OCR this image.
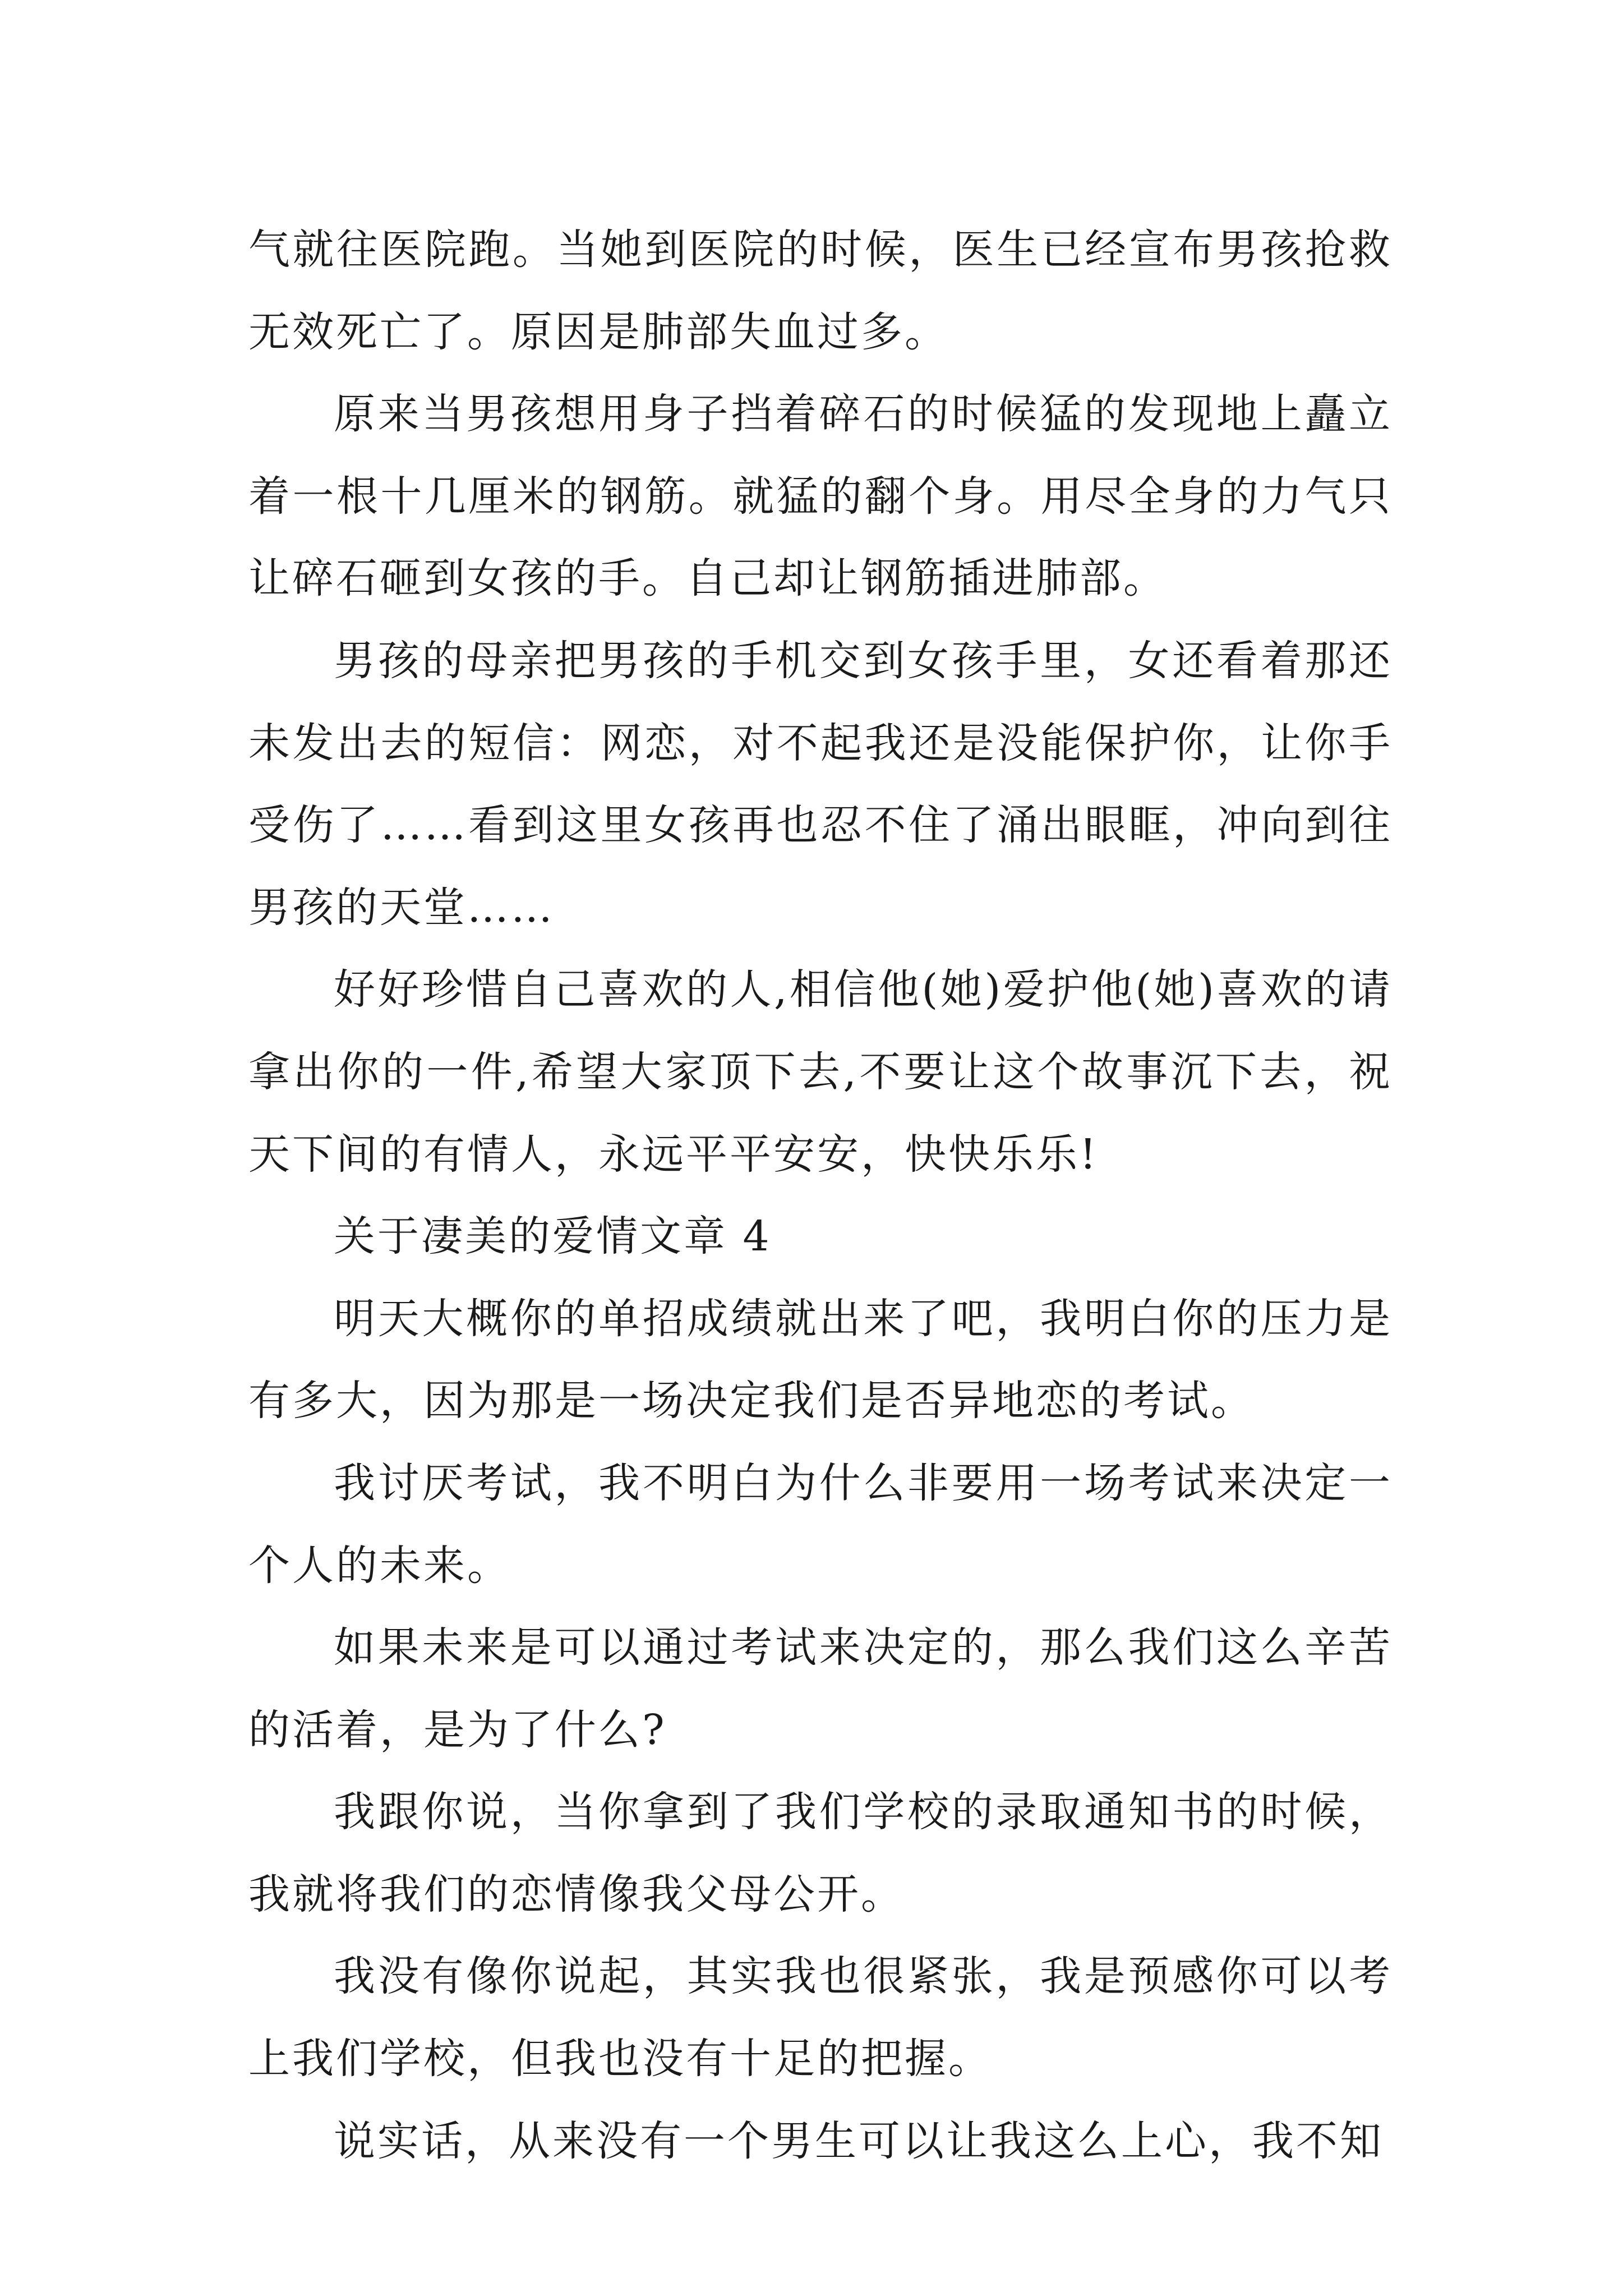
气就往医院跑。当她到医院的时候，医生已经宣布男孩抢救无效死亡了。原因是肺部失血过多。

原来当男孩想用身子挡着碎石的时候猛的发现地上矗立着一根十几厘米的钢筋。就猛的翻个身。用尽全身的力气只让碎石砸到女孩的手。自己却让钢筋插进肺部。

男孩的母亲把男孩的手机交到女孩手里，女还看着那还未发出去的短信：网恋，对不起我还是没能保护你，让你手受伤了……看到这里女孩再也忍不住了涌出眼眶，冲向到往男孩的天堂……

好好珍惜自己喜欢的人,相信他(她)爱护他(她)喜欢的请拿出你的一件,希望大家顶下去,不要让这个故事沉下去，祝天下间的有情人，永远平平安安，快快乐乐!

关于凄美的爱情文章 4

明天大概你的单招成绩就出来了吧，我明白你的压力是有多大，因为那是一场决定我们是否异地恋的考试。

我讨厌考试，我不明白为什么非要用一场考试来决定一个人的未来。

如果未来是可以通过考试来决定的，那么我们这么辛苦的活着，是为了什么?

我跟你说，当你拿到了我们学校的录取通知书的时候，我就将我们的恋情像我父母公开。

我没有像你说起，其实我也很紧张，我是预感你可以考上我们学校，但我也没有十足的把握。

说实话，从来没有一个男生可以让我这么上心，我不知
